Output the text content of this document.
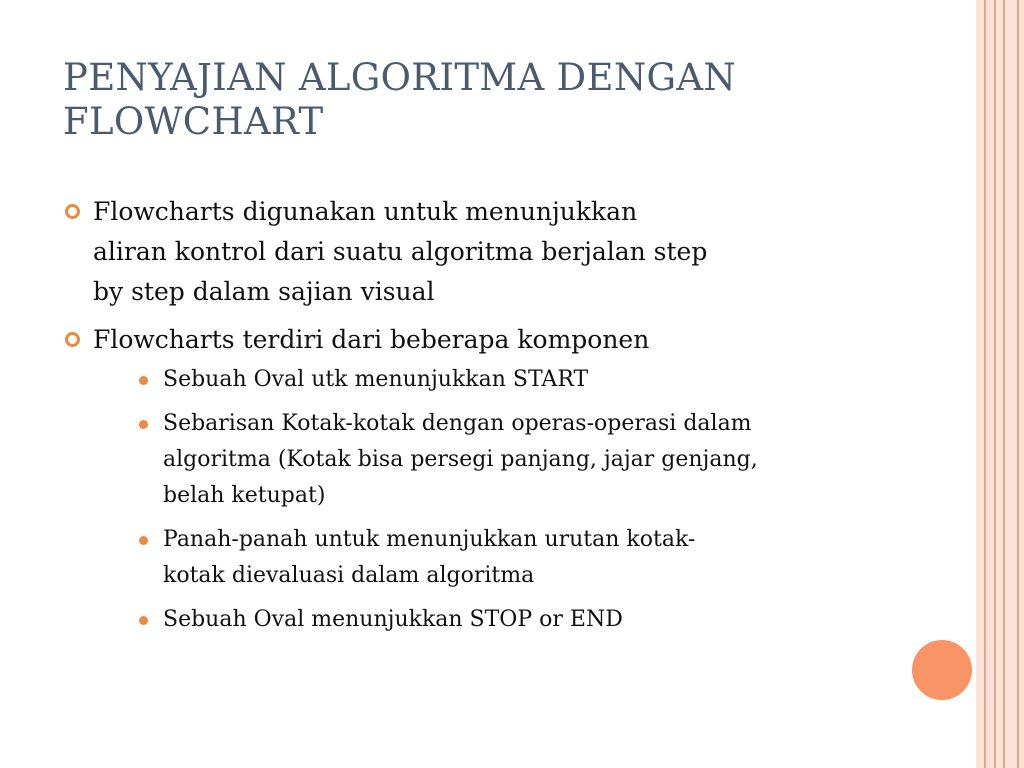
PENYAJIAN ALGORITMA DENGAN
FLOWCHART
Flowcharts digunakan untuk menunjukkan
aliran kontrol dari suatu algoritma berjalan step
by step dalam sajian visual
Flowcharts terdiri dari beberapa komponen
Sebuah Oval utk menunjukkan START
Sebarisan Kotak-kotak dengan operas-operasi dalam
algoritma (Kotak bisa persegi panjang, jajar genjang,
belah ketupat)
Panah-panah untuk menunjukkan urutan kotak-
kotak dievaluasi dalam algoritma
Sebuah Oval menunjukkan STOP or END
